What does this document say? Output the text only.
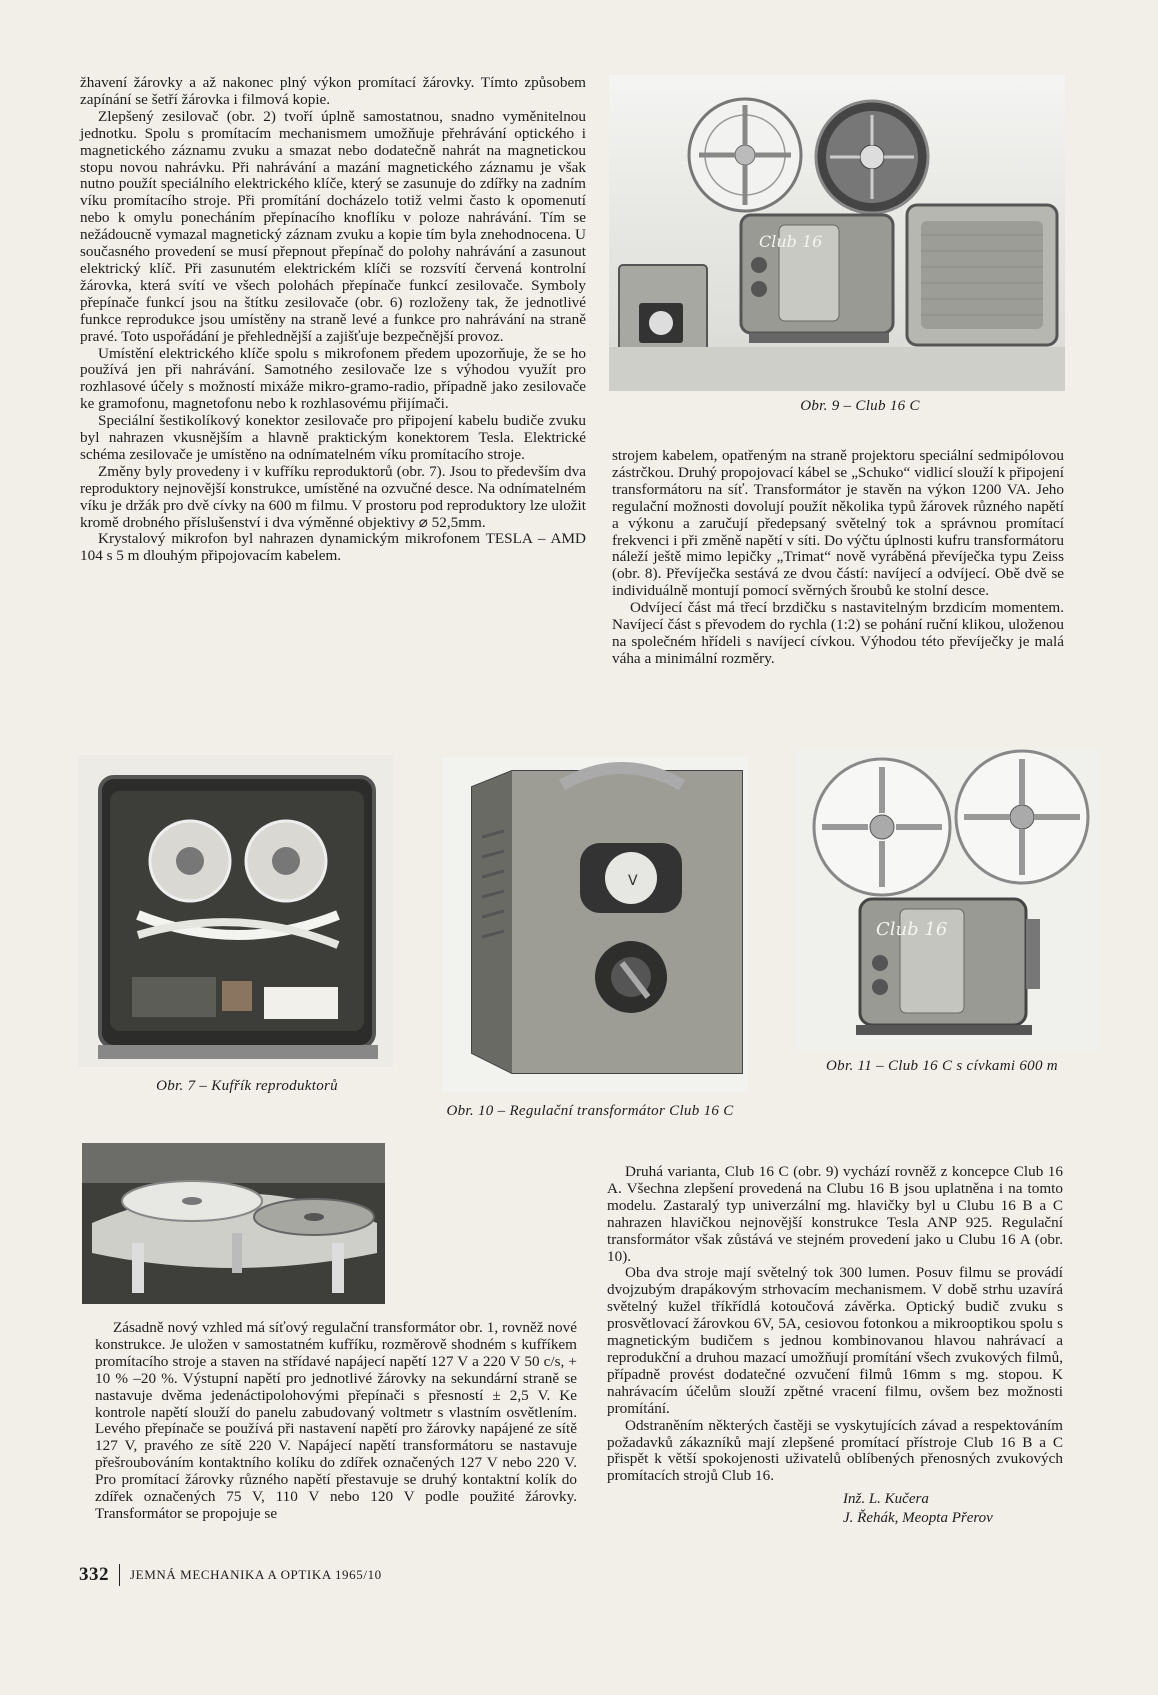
žhavení žárovky a až nakonec plný výkon promítací žárovky. Tímto způsobem zapínání se šetří žárovka i filmová kopie.

Zlepšený zesilovač (obr. 2) tvoří úplně samostatnou, snadno vyměnitelnou jednotku. Spolu s promítacím mechanismem umožňuje přehrávání optického i magnetického záznamu zvuku a smazat nebo dodatečně nahrát na magnetickou stopu novou nahrávku. Při nahrávání a mazání magnetického záznamu je však nutno použít speciálního elektrického klíče, který se zasunuje do zdířky na zadním víku promítacího stroje. Při promítání docházelo totiž velmi často k opomenutí nebo k omylu ponecháním přepínacího knoflíku v poloze nahrávání. Tím se nežádoucně vymazal magnetický záznam zvuku a kopie tím byla znehodnocena. U současného provedení se musí přepnout přepínač do polohy nahrávání a zasunout elektrický klíč. Při zasunutém elektrickém klíči se rozsvítí červená kontrolní žárovka, která svítí ve všech polohách přepínače funkcí zesilovače. Symboly přepínače funkcí jsou na štítku zesilovače (obr. 6) rozloženy tak, že jednotlivé funkce reprodukce jsou umístěny na straně levé a funkce pro nahrávání na straně pravé. Toto uspořádání je přehlednější a zajišťuje bezpečnější provoz.

Umístění elektrického klíče spolu s mikrofonem předem upozorňuje, že se ho používá jen při nahrávání. Samotného zesilovače lze s výhodou využít pro rozhlasové účely s možností mixáže mikro-gramo-radio, případně jako zesilovače ke gramofonu, magnetofonu nebo k rozhlasovému přijímači.

Speciální šestikolíkový konektor zesilovače pro připojení kabelu budiče zvuku byl nahrazen vkusnějším a hlavně praktickým konektorem Tesla. Elektrické schéma zesilovače je umístěno na odnímatelném víku promítacího stroje.

Změny byly provedeny i v kufříku reproduktorů (obr. 7). Jsou to především dva reproduktory nejnovější konstrukce, umístěné na ozvučné desce. Na odnímatelném víku je držák pro dvě cívky na 600 m filmu. V prostoru pod reproduktory lze uložit kromě drobného příslušenství i dva výměnné objektivy ⌀ 52,5mm.

Krystalový mikrofon byl nahrazen dynamickým mikrofonem TESLA – AMD 104 s 5 m dlouhým připojovacím kabelem.

Club 16
Obr. 9 – Club 16 C

strojem kabelem, opatřeným na straně projektoru speciální sedmipólovou zástrčkou. Druhý propojovací kábel se „Schuko“ vidlicí slouží k připojení transformátoru na síť. Transformátor je stavěn na výkon 1200 VA. Jeho regulační možnosti dovolují použít několika typů žárovek různého napětí a výkonu a zaručují předepsaný světelný tok a správnou promítací frekvenci i při změně napětí v síti. Do výčtu úplnosti kufru transformátoru náleží ještě mimo lepičky „Trimat“ nově vyráběná převíječka typu Zeiss (obr. 8). Převíječka sestává ze dvou částí: navíjecí a odvíjecí. Obě dvě se individuálně montují pomocí svěrných šroubů ke stolní desce.

Odvíjecí část má třecí brzdičku s nastavitelným brzdicím momentem. Navíjecí část s převodem do rychla (1:2) se pohání ruční klikou, uloženou na společném hřídeli s navíjecí cívkou. Výhodou této převíječky je malá váha a minimální rozměry.

Obr. 7 – Kufřík reproduktorů
V
Obr. 10 – Regulační transformátor Club 16 C
Club 16
Obr. 11 – Club 16 C s cívkami 600 m

Zásadně nový vzhled má síťový regulační transformátor obr. 1, rovněž nové konstrukce. Je uložen v samostatném kufříku, rozměrově shodném s kufříkem promítacího stroje a staven na střídavé napájecí napětí 127 V a 220 V 50 c/s, + 10 % –20 %. Výstupní napětí pro jednotlivé žárovky na sekundární straně se nastavuje dvěma jedenáctipolohovými přepínači s přesností ± 2,5 V. Ke kontrole napětí slouží do panelu zabudovaný voltmetr s vlastním osvětlením. Levého přepínače se používá při nastavení napětí pro žárovky napájené ze sítě 127 V, pravého ze sítě 220 V. Napájecí napětí transformátoru se nastavuje přešroubováním kontaktního kolíku do zdířek označených 127 V nebo 220 V. Pro promítací žárovky různého napětí přestavuje se druhý kontaktní kolík do zdířek označených 75 V, 110 V nebo 120 V podle použité žárovky. Transformátor se propojuje se

Druhá varianta, Club 16 C (obr. 9) vychází rovněž z koncepce Club 16 A. Všechna zlepšení provedená na Clubu 16 B jsou uplatněna i na tomto modelu. Zastaralý typ univerzální mg. hlavičky byl u Clubu 16 B a C nahrazen hlavičkou nejnovější konstrukce Tesla ANP 925. Regulační transformátor však zůstává ve stejném provedení jako u Clubu 16 A (obr. 10).

Oba dva stroje mají světelný tok 300 lumen. Posuv filmu se provádí dvojzubým drapákovým strhovacím mechanismem. V době strhu uzavírá světelný kužel tříkřídlá kotoučová závěrka. Optický budič zvuku s prosvětlovací žárovkou 6V, 5A, cesiovou fotonkou a mikrooptikou spolu s magnetickým budičem s jednou kombinovanou hlavou nahrávací a reprodukční a druhou mazací umožňují promítání všech zvukových filmů, případně provést dodatečné ozvučení filmů 16mm s mg. stopou. K nahrávacím účelům slouží zpětné vracení filmu, ovšem bez možnosti promítání.

Odstraněním některých častěji se vyskytujících závad a respektováním požadavků zákazníků mají zlepšené promítací přístroje Club 16 B a C přispět k větší spokojenosti uživatelů oblíbených přenosných zvukových promítacích strojů Club 16.

Inž. L. Kučera
J. Řehák, Meopta Přerov
332 JEMNÁ MECHANIKA A OPTIKA 1965/10
